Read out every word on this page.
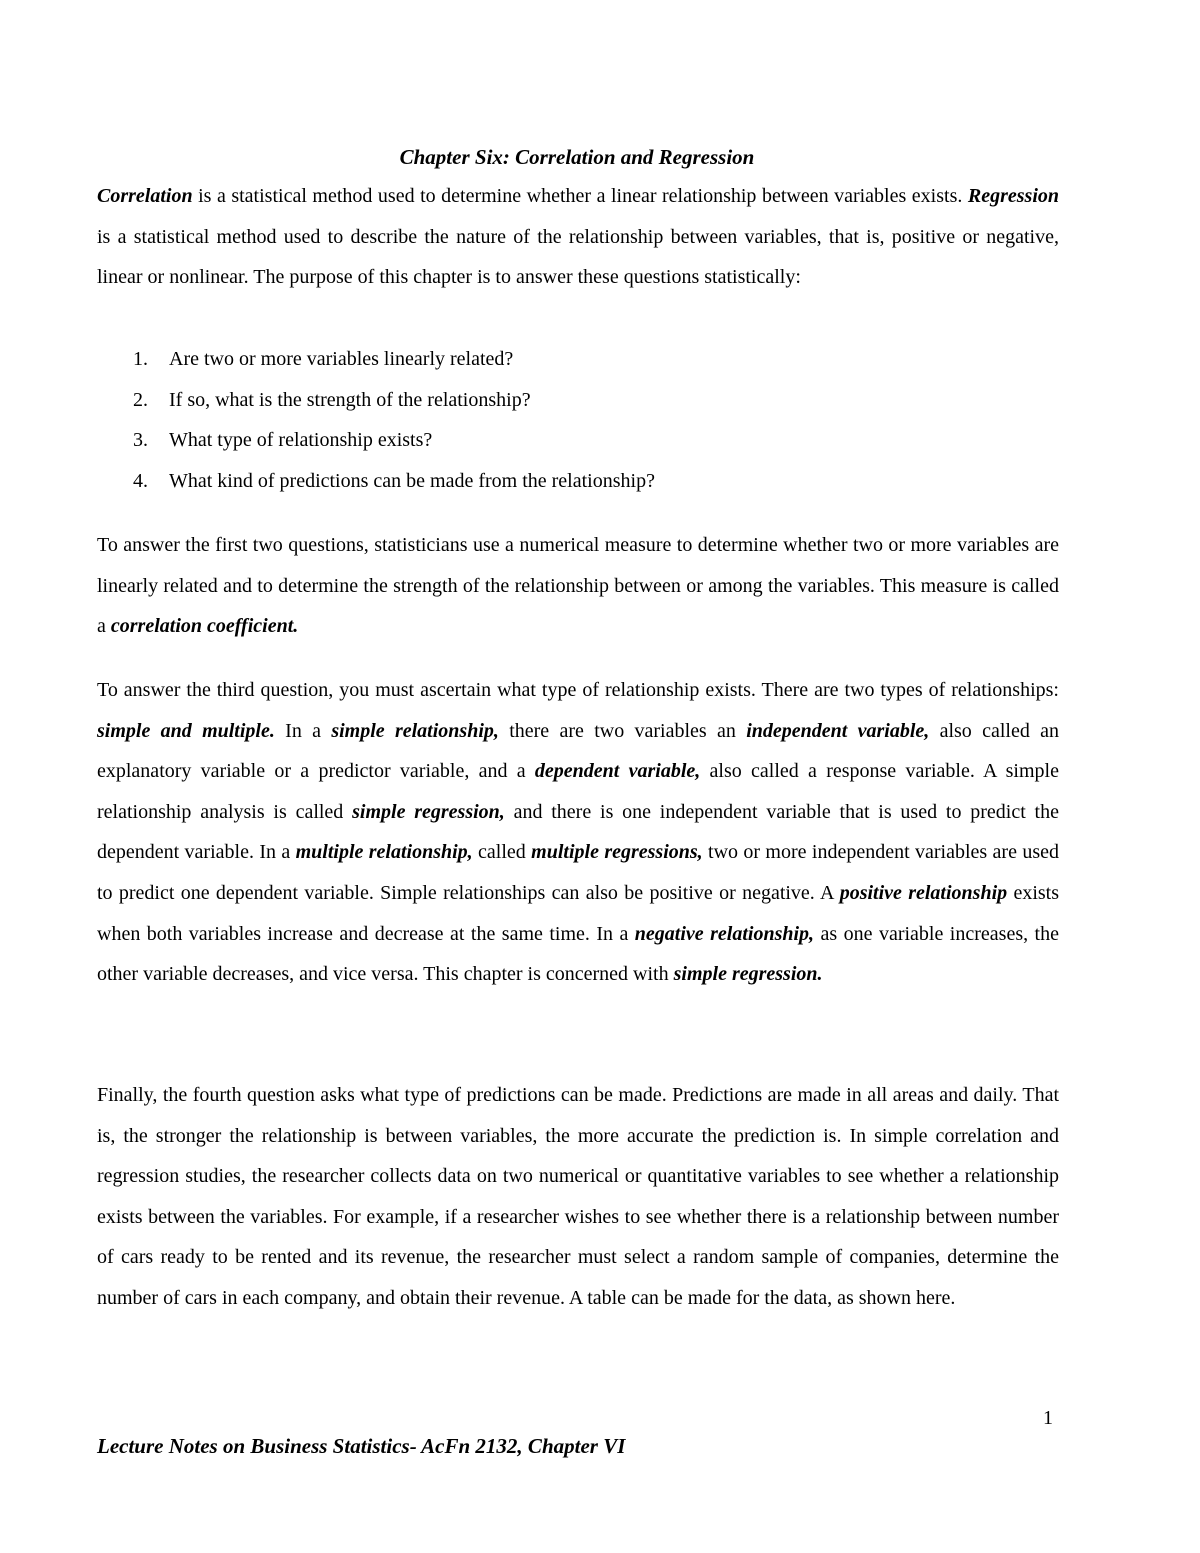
Chapter Six: Correlation and Regression

Correlation is a statistical method used to determine whether a linear relationship between variables exists. Regression is a statistical method used to describe the nature of the relationship between variables, that is, positive or negative, linear or nonlinear. The purpose of this chapter is to answer these questions statistically:

1. Are two or more variables linearly related?
2. If so, what is the strength of the relationship?
3. What type of relationship exists?
4. What kind of predictions can be made from the relationship?

To answer the first two questions, statisticians use a numerical measure to determine whether two or more variables are linearly related and to determine the strength of the relationship between or among the variables. This measure is called a correlation coefficient.

To answer the third question, you must ascertain what type of relationship exists. There are two types of relationships: simple and multiple. In a simple relationship, there are two variables an independent variable, also called an explanatory variable or a predictor variable, and a dependent variable, also called a response variable. A simple relationship analysis is called simple regression, and there is one independent variable that is used to predict the dependent variable. In a multiple relationship, called multiple regressions, two or more independent variables are used to predict one dependent variable. Simple relationships can also be positive or negative. A positive relationship exists when both variables increase and decrease at the same time. In a negative relationship, as one variable increases, the other variable decreases, and vice versa. This chapter is concerned with simple regression.

Finally, the fourth question asks what type of predictions can be made. Predictions are made in all areas and daily. That is, the stronger the relationship is between variables, the more accurate the prediction is. In simple correlation and regression studies, the researcher collects data on two numerical or quantitative variables to see whether a relationship exists between the variables. For example, if a researcher wishes to see whether there is a relationship between number of cars ready to be rented and its revenue, the researcher must select a random sample of companies, determine the number of cars in each company, and obtain their revenue. A table can be made for the data, as shown here.

1
Lecture Notes on Business Statistics- AcFn 2132, Chapter VI
